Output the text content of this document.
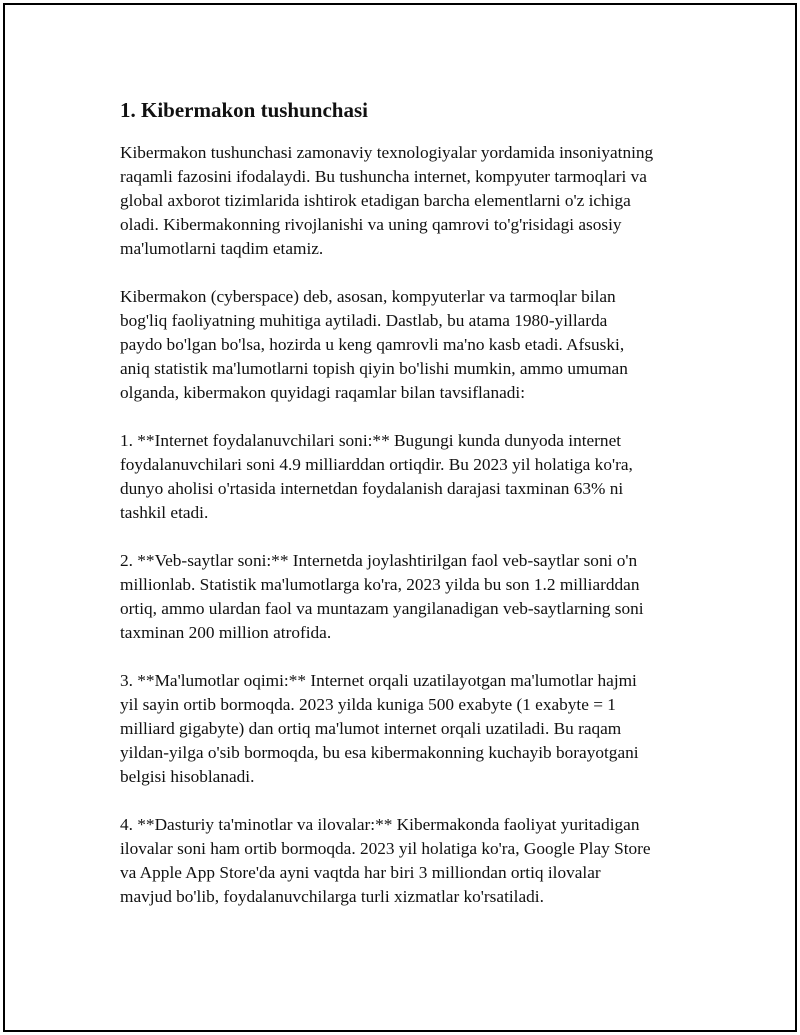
1. Kibermakon tushunchasi

Kibermakon tushunchasi zamonaviy texnologiyalar yordamida insoniyatning
raqamli fazosini ifodalaydi. Bu tushuncha internet, kompyuter tarmoqlari va
global axborot tizimlarida ishtirok etadigan barcha elementlarni o'z ichiga
oladi. Kibermakonning rivojlanishi va uning qamrovi to'g'risidagi asosiy
ma'lumotlarni taqdim etamiz.

Kibermakon (cyberspace) deb, asosan, kompyuterlar va tarmoqlar bilan
bog'liq faoliyatning muhitiga aytiladi. Dastlab, bu atama 1980-yillarda
paydo bo'lgan bo'lsa, hozirda u keng qamrovli ma'no kasb etadi. Afsuski,
aniq statistik ma'lumotlarni topish qiyin bo'lishi mumkin, ammo umuman
olganda, kibermakon quyidagi raqamlar bilan tavsiflanadi:

1. **Internet foydalanuvchilari soni:** Bugungi kunda dunyoda internet
foydalanuvchilari soni 4.9 milliarddan ortiqdir. Bu 2023 yil holatiga ko'ra,
dunyo aholisi o'rtasida internetdan foydalanish darajasi taxminan 63% ni
tashkil etadi.

2. **Veb-saytlar soni:** Internetda joylashtirilgan faol veb-saytlar soni o'n
millionlab. Statistik ma'lumotlarga ko'ra, 2023 yilda bu son 1.2 milliarddan
ortiq, ammo ulardan faol va muntazam yangilanadigan veb-saytlarning soni
taxminan 200 million atrofida.

3. **Ma'lumotlar oqimi:** Internet orqali uzatilayotgan ma'lumotlar hajmi
yil sayin ortib bormoqda. 2023 yilda kuniga 500 exabyte (1 exabyte = 1
milliard gigabyte) dan ortiq ma'lumot internet orqali uzatiladi. Bu raqam
yildan-yilga o'sib bormoqda, bu esa kibermakonning kuchayib borayotgani
belgisi hisoblanadi.

4. **Dasturiy ta'minotlar va ilovalar:** Kibermakonda faoliyat yuritadigan
ilovalar soni ham ortib bormoqda. 2023 yil holatiga ko'ra, Google Play Store
va Apple App Store'da ayni vaqtda har biri 3 milliondan ortiq ilovalar
mavjud bo'lib, foydalanuvchilarga turli xizmatlar ko'rsatiladi.
